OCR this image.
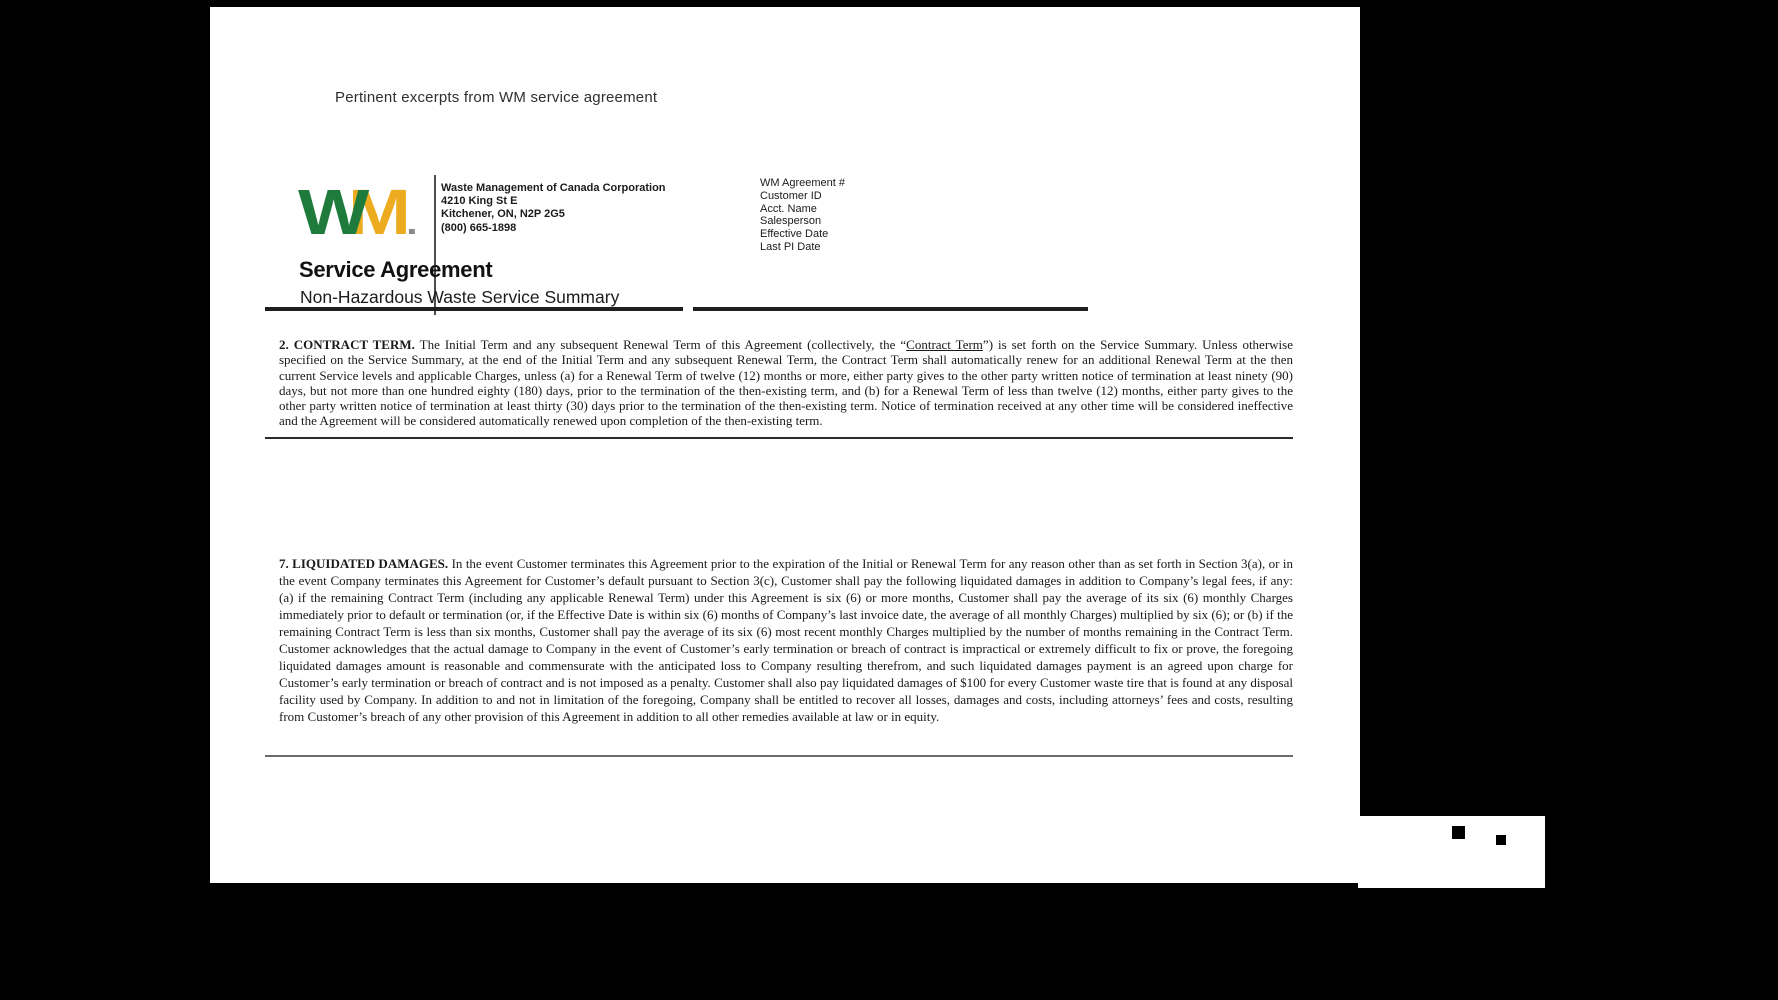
Pertinent excerpts from WM service agreement
WM	Waste Management of Canada Corporation
4210 King St E
Kitchener, ON, N2P 2G5
(800) 665-1898
WM Agreement #
Customer ID
Acct. Name
Salesperson
Effective Date
Last PI Date
Service Agreement
Non-Hazardous Waste Service Summary

2. CONTRACT TERM. The Initial Term and any subsequent Renewal Term of this Agreement (collectively, the “Contract Term”) is set forth on the Service Summary. Unless otherwise specified on the Service Summary, at the end of the Initial Term and any subsequent Renewal Term, the Contract Term shall automatically renew for an additional Renewal Term at the then current Service levels and applicable Charges, unless (a) for a Renewal Term of twelve (12) months or more, either party gives to the other party written notice of termination at least ninety (90) days, but not more than one hundred eighty (180) days, prior to the termination of the then-existing term, and (b) for a Renewal Term of less than twelve (12) months, either party gives to the other party written notice of termination at least thirty (30) days prior to the termination of the then-existing term. Notice of termination received at any other time will be considered ineffective and the Agreement will be considered automatically renewed upon completion of the then-existing term.

7. LIQUIDATED DAMAGES. In the event Customer terminates this Agreement prior to the expiration of the Initial or Renewal Term for any reason other than as set forth in Section 3(a), or in the event Company terminates this Agreement for Customer’s default pursuant to Section 3(c), Customer shall pay the following liquidated damages in addition to Company’s legal fees, if any: (a) if the remaining Contract Term (including any applicable Renewal Term) under this Agreement is six (6) or more months, Customer shall pay the average of its six (6) monthly Charges immediately prior to default or termination (or, if the Effective Date is within six (6) months of Company’s last invoice date, the average of all monthly Charges) multiplied by six (6); or (b) if the remaining Contract Term is less than six months, Customer shall pay the average of its six (6) most recent monthly Charges multiplied by the number of months remaining in the Contract Term. Customer acknowledges that the actual damage to Company in the event of Customer’s early termination or breach of contract is impractical or extremely difficult to fix or prove, the foregoing liquidated damages amount is reasonable and commensurate with the anticipated loss to Company resulting therefrom, and such liquidated damages payment is an agreed upon charge for Customer’s early termination or breach of contract and is not imposed as a penalty. Customer shall also pay liquidated damages of $100 for every Customer waste tire that is found at any disposal facility used by Company. In addition to and not in limitation of the foregoing, Company shall be entitled to recover all losses, damages and costs, including attorneys’ fees and costs, resulting from Customer’s breach of any other provision of this Agreement in addition to all other remedies available at law or in equity.
